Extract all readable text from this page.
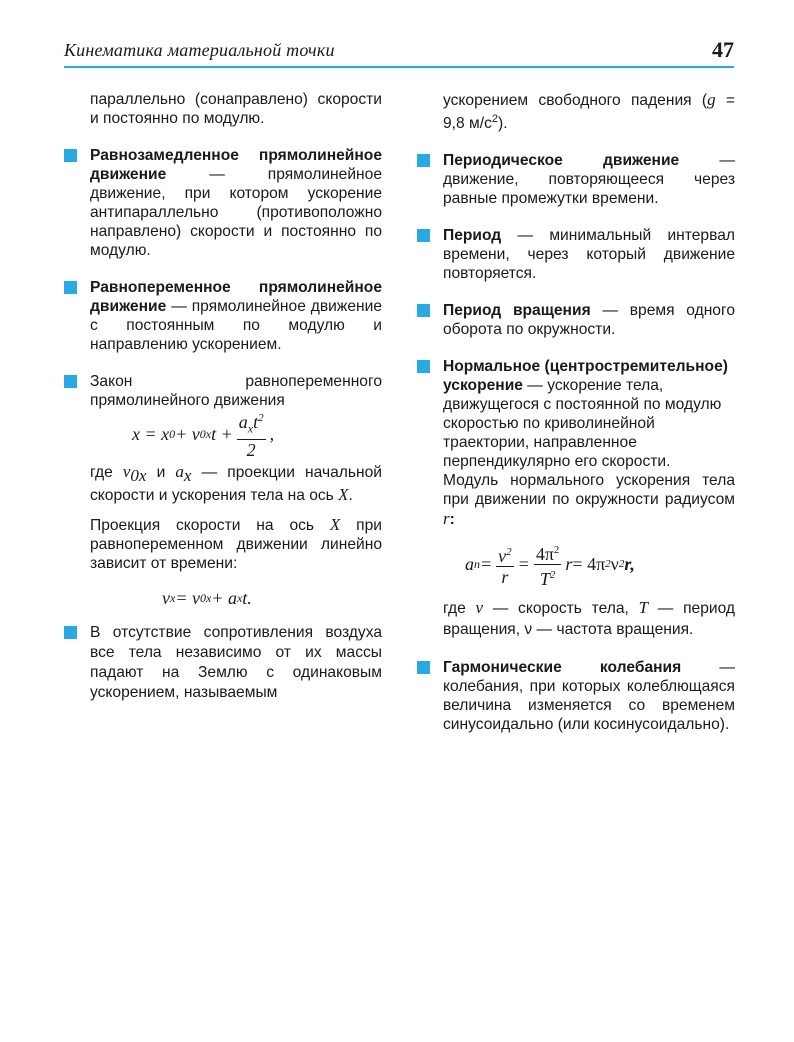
Кинематика материальной точки	47

параллельно (сонаправлено) скорости и постоянно по модулю.

Равнозамедленное прямолинейное движение — прямолинейное движение, при котором ускорение антипараллельно (противоположно направлено) скорости и постоянно по модулю.

Равнопеременное прямолинейное движение — прямолинейное движение с постоянным по модулю и направлению ускорением.

Закон равнопеременного прямолинейного движения

x = x 0 + v 0x $t + \frac{a_xt^2}{2}$ ,

где $v_{0x}$ и $a_x$ — проекции начальной скорости и ускорения тела на ось X.

Проекция скорости на ось X при равнопеременном движении линейно зависит от времени:

v x = v 0x + a x t.

В отсутствие сопротивления воздуха все тела независимо от их массы падают на Землю с одинаковым ускорением, называемым

ускорением свободного падения (g = 9,8 $м/с^2$).

Периодическое движение — движение, повторяющееся через равные промежутки времени.

Период — минимальный интервал времени, через который движение повторяется.

Период вращения — время одного оборота по окружности.

Нормальное (центростремительное) ускорение — ускорение тела, движущегося с постоянной по модулю скоростью по криволинейной траектории, направленное перпендикулярно его скорости.

Модуль нормального ускорения тела при движении по окружности радиусом r:

a $n = \frac{v^2}{r} = \frac{4\pi^2}{T^2}$ r = 4π 2 ν 2 r,

где v — скорость тела, T — период вращения, ν — частота вращения.

Гармонические колебания — колебания, при которых колеблющаяся величина изменяется со временем синусоидально (или косинусоидально).
